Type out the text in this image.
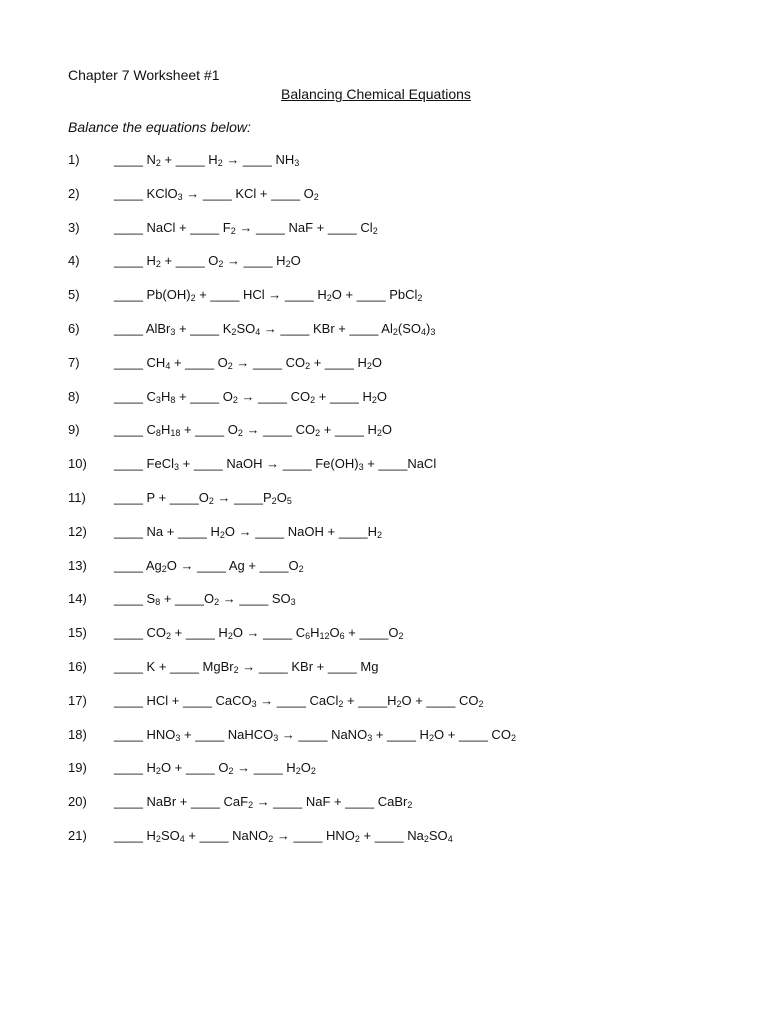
Chapter 7 Worksheet #1
Balancing Chemical Equations
Balance the equations below:
1)	____ $N_2$ + ____ $H_2$ → ____ $NH_3$
2)	____ KClO$_3$ → ____ KCl + ____ $O_2$
3)	____ NaCl + ____ $F_2$ → ____ NaF + ____ $Cl_2$
4)	____ $H_2$ + ____ $O_2$ → ____ $H_2O$
5)	____ $Pb(OH)_2$ + ____ HCl → ____ $H_2O$ + ____ PbCl$_2$
6)	____ AlBr$_3$ + ____ $K_2SO_4$ → ____ KBr + ____ $Al_2(SO_4)_3$
7)	____ $CH_4$ + ____ $O_2$ → ____ $CO_2$ + ____ $H_2O$
8)	____ $C_3H_8$ + ____ $O_2$ → ____ $CO_2$ + ____ $H_2O$
9)	____ $C_8H_{18}$ + ____ $O_2$ → ____ $CO_2$ + ____ $H_2O$
10)	____ FeCl$_3$ + ____ NaOH → ____ $Fe(OH)_3$ + ____NaCl
11)	____ $P + \_\_\_\_O_2$ → $\_\_\_\_P_2O_5$
12)	____ Na + ____ $H_2O$ → ____ NaOH + $\_\_\_\_H_2$
13)	____ $Ag_2O$ → ____ $Ag + \_\_\_\_O_2$
14)	____ $S_8$ + $\_\_\_\_O_2$ → ____ $SO_3$
15)	____ $CO_2$ + ____ $H_2O$ → ____ $C_6H_{12}O_6$ + $\_\_\_\_O_2$
16)	____ K + ____ MgBr$_2$ → ____ KBr + ____ Mg
17)	____ HCl + ____ CaCO$_3$ → ____ CaCl$_2$ + $\_\_\_\_H_2O$ + ____ $CO_2$
18)	____ $HNO_3$ + ____ NaHCO$_3$ → ____ NaNO$_3$ + ____ $H_2O$ + ____ $CO_2$
19)	____ $H_2O$ + ____ $O_2$ → ____ $H_2O_2$
20)	____ NaBr + ____ CaF$_2$ → ____ NaF + ____ CaBr$_2$
21)	____ $H_2SO_4$ + ____ NaNO$_2$ → ____ $HNO_2$ + ____ $Na_2SO_4$
